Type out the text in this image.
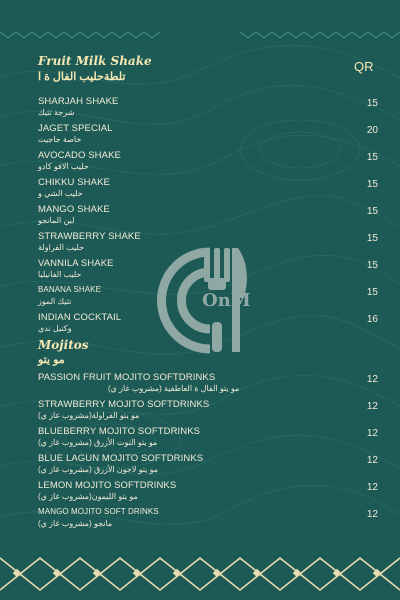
OnM
Fruit Milk Shake
تلطةحليب الفال ة ا
QR
SHARJAH SHAKE
شرجة تثيك
15
JAGET SPECIAL
خاصة جاجيت
20
AVOCADO SHAKE
حليب الافو كادو
15
CHIKKU SHAKE
حليب الشي و
15
MANGO SHAKE
لبن المانجو
15
STRAWBERRY SHAKE
حليب الفراولة
15
VANNILA SHAKE
حليب الفانيليا
15
BANANA SHAKE
تثيك الموز
15
INDIAN COCKTAIL
وكتيل ندي
16
Mojitos
مو يتو
PASSION FRUIT MOJITO SOFTDRINKS
مو يتو الفال ة العاطفية (مشروب غاز ي)
12
STRAWBERRY MOJITO SOFTDRINKS
مو يتو الفراولة(مشروب غاز ي)
12
BLUEBERRY MOJITO SOFTDRINKS
مو يتو التوت الأزرق (مشروب غاز ي)
12
BLUE LAGUN MOJITO SOFTDRINKS
مو يتو لاجون الأزرق (مشروب غاز ي)
12
LEMON MOJITO SOFTDRINKS
مو يتو الليمون(مشروب غاز ي)
12
MANGO MOJITO SOFT DRINKS
مانجو (مشروب غاز ي)
12
